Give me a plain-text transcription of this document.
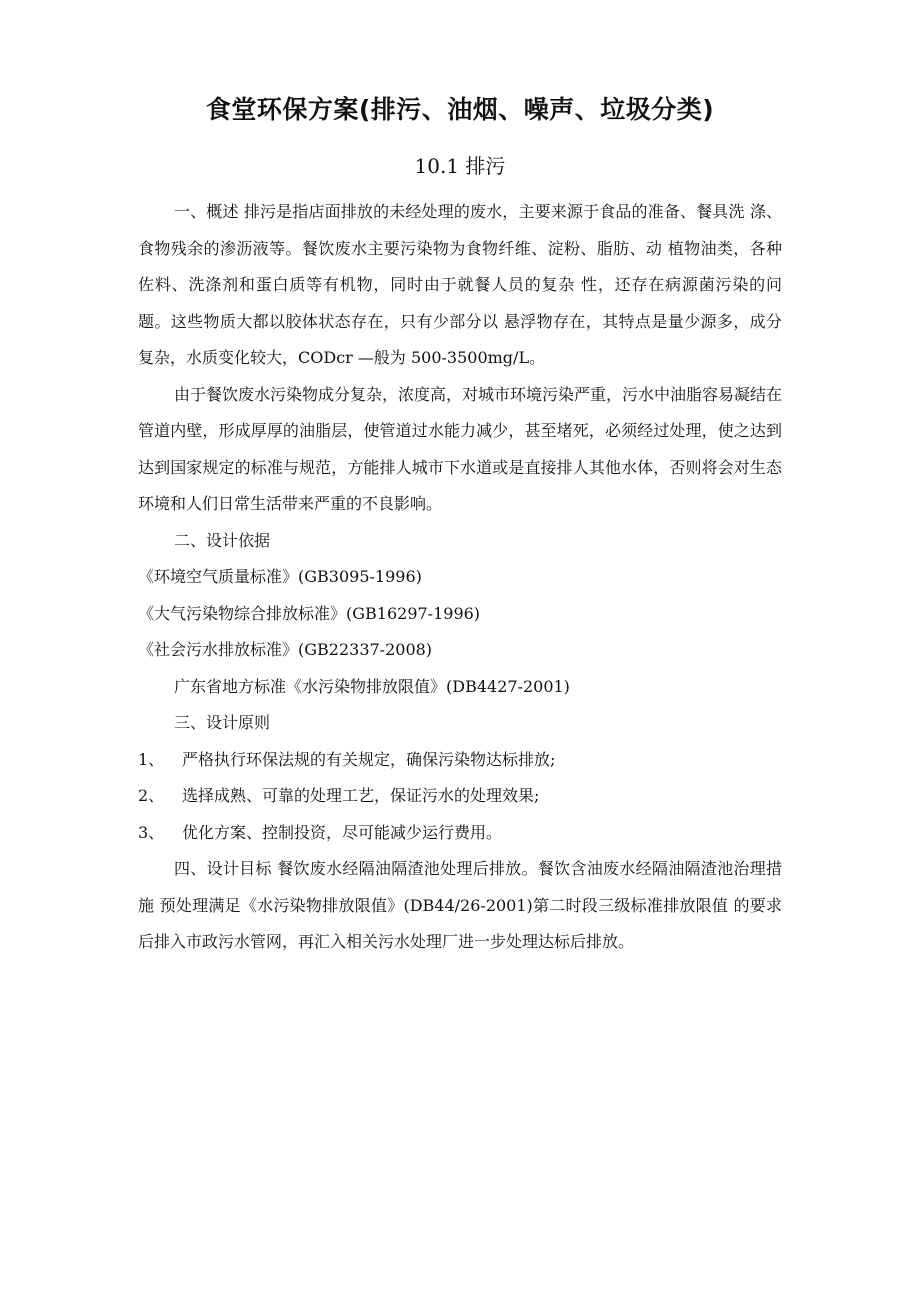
食堂环保方案(排污、油烟、噪声、垃圾分类)
10.1 排污

一、概述 排污是指店面排放的未经处理的废水，主要来源于食品的准备、餐具洗 涤、食物残余的渗沥液等。餐饮废水主要污染物为食物纤维、淀粉、脂肪、动 植物油类，各种佐料、洗涤剂和蛋白质等有机物，同时由于就餐人员的复杂 性，还存在病源菌污染的问题。这些物质大都以胶体状态存在，只有少部分以 悬浮物存在，其特点是量少源多，成分复杂，水质变化较大，CODcr —般为 500-3500mg/L。

由于餐饮废水污染物成分复杂，浓度高，对城市环境污染严重，污水中油脂容易凝结在管道内壁，形成厚厚的油脂层，使管道过水能力减少，甚至堵死，必须经过处理，使之达到达到国家规定的标准与规范，方能排人城市下水道或是直接排人其他水体，否则将会对生态环境和人们日常生活带来严重的不良影响。

二、设计依据

《环境空气质量标准》(GB3095-1996)

《大气污染物综合排放标准》(GB16297-1996)

《社会污水排放标准》(GB22337-2008)

广东省地方标准《水污染物排放限值》(DB4427-2001)

三、设计原则

1、 严格执行环保法规的有关规定，确保污染物达标排放;

2、 选择成熟、可靠的处理工艺，保证污水的处理效果;

3、 优化方案、控制投资，尽可能减少运行费用。

四、设计目标 餐饮废水经隔油隔渣池处理后排放。餐饮含油废水经隔油隔渣池治理措施 预处理满足《水污染物排放限值》(DB44/26-2001)第二时段三级标准排放限值 的要求后排入市政污水管网，再汇入相关污水处理厂进一步处理达标后排放。
